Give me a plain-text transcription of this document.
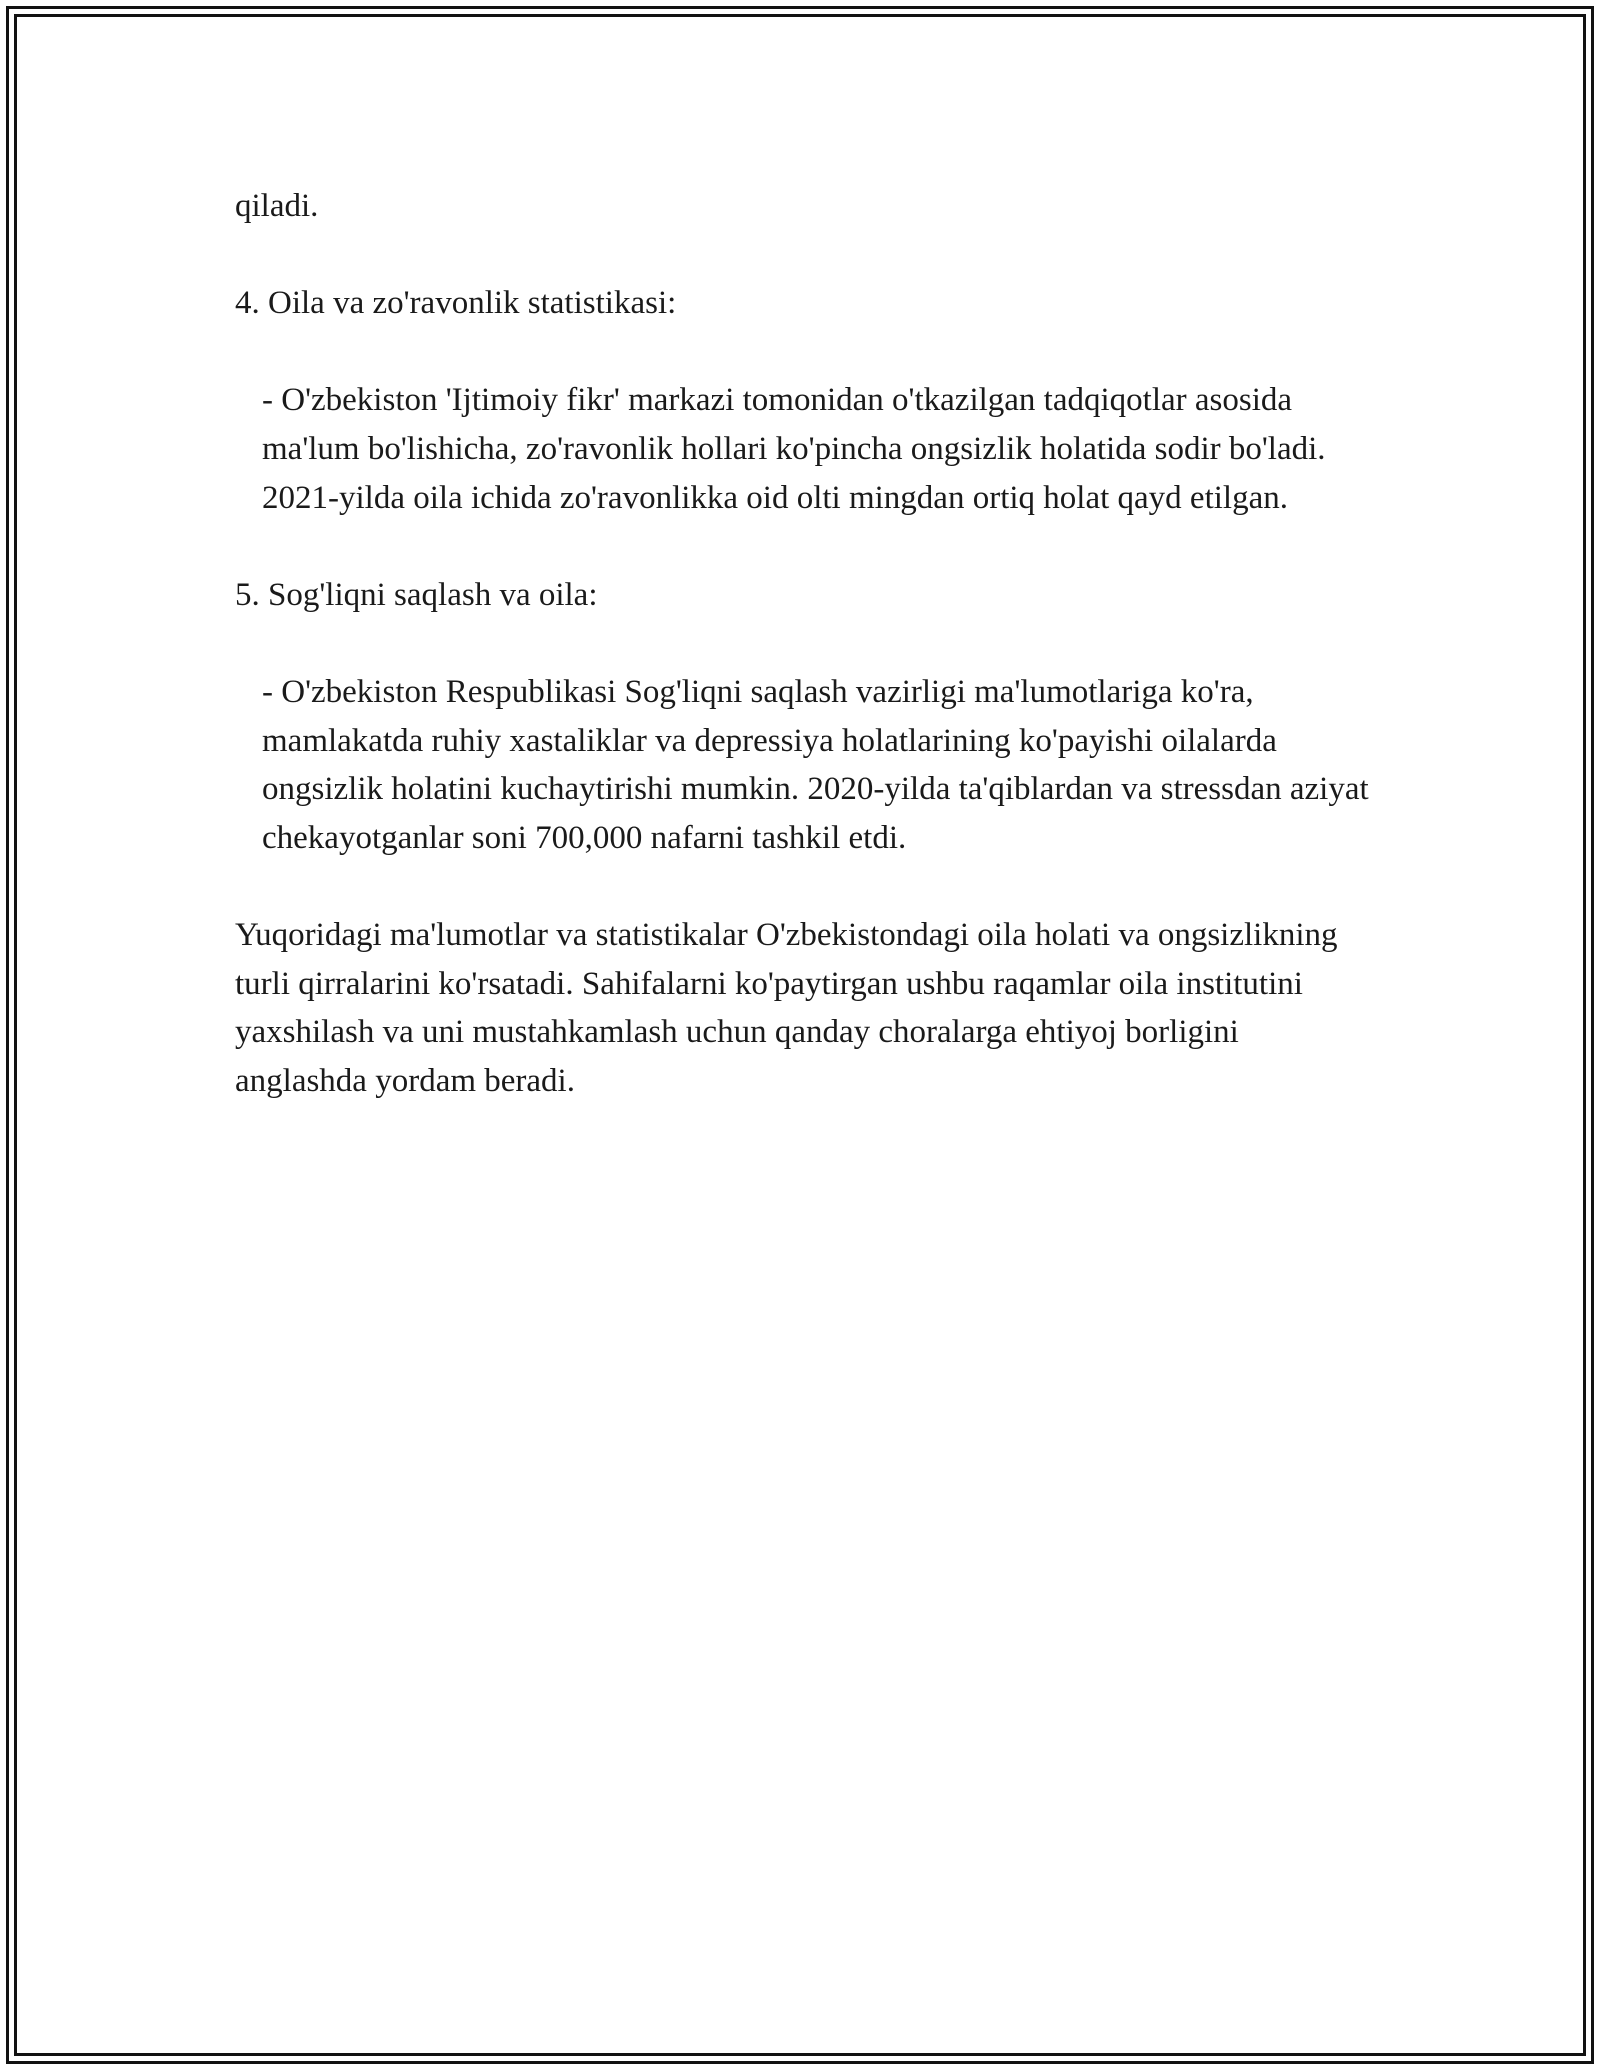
qiladi.

4. Oila va zo'ravonlik statistikasi:

- O'zbekiston 'Ijtimoiy fikr' markazi tomonidan o'tkazilgan tadqiqotlar asosida ma'lum bo'lishicha, zo'ravonlik hollari ko'pincha ongsizlik holatida sodir bo'ladi. 2021-yilda oila ichida zo'ravonlikka oid olti mingdan ortiq holat qayd etilgan.

5. Sog'liqni saqlash va oila:

- O'zbekiston Respublikasi Sog'liqni saqlash vazirligi ma'lumotlariga ko'ra, mamlakatda ruhiy xastaliklar va depressiya holatlarining ko'payishi oilalarda ongsizlik holatini kuchaytirishi mumkin. 2020-yilda ta'qiblardan va stressdan aziyat chekayotganlar soni 700,000 nafarni tashkil etdi.

Yuqoridagi ma'lumotlar va statistikalar O'zbekistondagi oila holati va ongsizlikning turli qirralarini ko'rsatadi. Sahifalarni ko'paytirgan ushbu raqamlar oila institutini yaxshilash va uni mustahkamlash uchun qanday choralarga ehtiyoj borligini anglashda yordam beradi.
